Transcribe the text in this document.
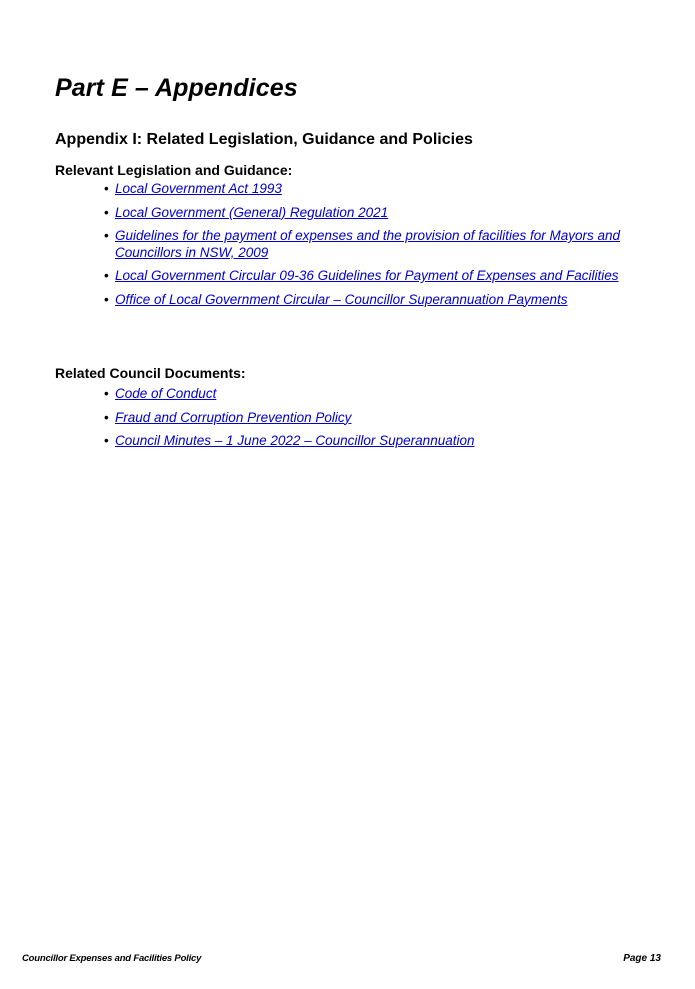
Part E – Appendices
Appendix I: Related Legislation, Guidance and Policies
Relevant Legislation and Guidance:
• Local Government Act 1993
• Local Government (General) Regulation 2021
• Guidelines for the payment of expenses and the provision of facilities for Mayors and Councillors in NSW, 2009
• Local Government Circular 09-36 Guidelines for Payment of Expenses and Facilities
• Office of Local Government Circular – Councillor Superannuation Payments
Related Council Documents:
• Code of Conduct
• Fraud and Corruption Prevention Policy
• Council Minutes – 1 June 2022 – Councillor Superannuation
Councillor Expenses and Facilities Policy	Page 13
